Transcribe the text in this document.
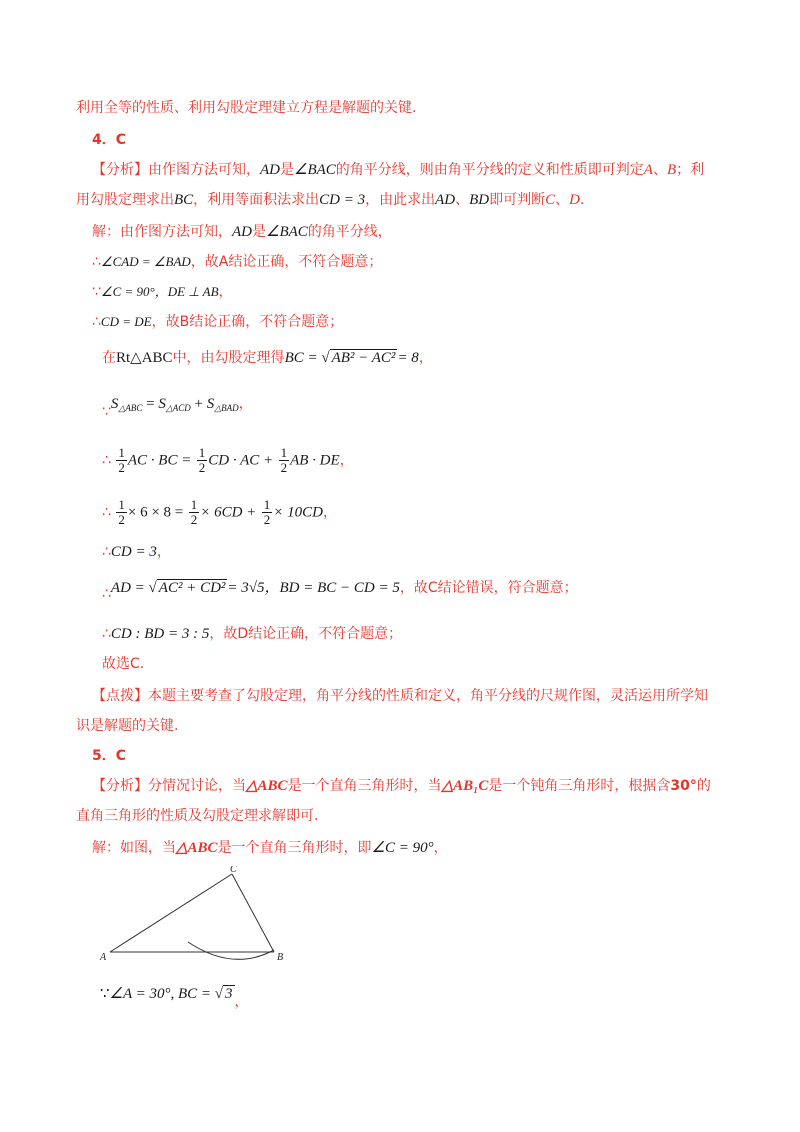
利用全等的性质、利用勾股定理建立方程是解题的关键.
4．C
【分析】由作图方法可知，AD是∠BAC的角平分线，则由角平分线的定义和性质即可判定A、B；利
用勾股定理求出BC，利用等面积法求出CD = 3，由此求出AD、BD即可判断C、D.
解：由作图方法可知，AD是∠BAC的角平分线，
∴∠CAD = ∠BAD，故A结论正确，不符合题意；
∵∠C = 90°，DE ⊥ AB，
∴CD = DE，故B结论正确，不符合题意；
在Rt△ABC中，由勾股定理得BC = √ AB² − AC² = 8，
$\because S_{\triangle ABC} = S_{\triangle ACD} + S_{\triangle BAD}$，
∴ $\frac{1}{2}$ AC · BC = $\frac{1}{2}$ CD · AC + $\frac{1}{2}$ AB · DE，
∴ $\frac{1}{2} \times 6 \times 8 = \frac{1}{2} \times 6CD + \frac{1}{2} \times 10CD$，
∴CD = 3，
∴AD = √ AC² + CD² = 3√5，BD = BC − CD = 5，故C结论错误，符合题意；
∴CD : BD = 3 : 5，故D结论正确，不符合题意；
故选C.
【点拨】本题主要考查了勾股定理，角平分线的性质和定义，角平分线的尺规作图，灵活运用所学知
识是解题的关键.
5．C
【分析】分情况讨论，当△ABC是一个直角三角形时，当△AB₁C是一个钝角三角形时，根据含30°的
直角三角形的性质及勾股定理求解即可.
解：如图，当△ABC是一个直角三角形时，即∠C = 90°，
A	B
C
∵∠A = 30°, BC = √ 3 ，
